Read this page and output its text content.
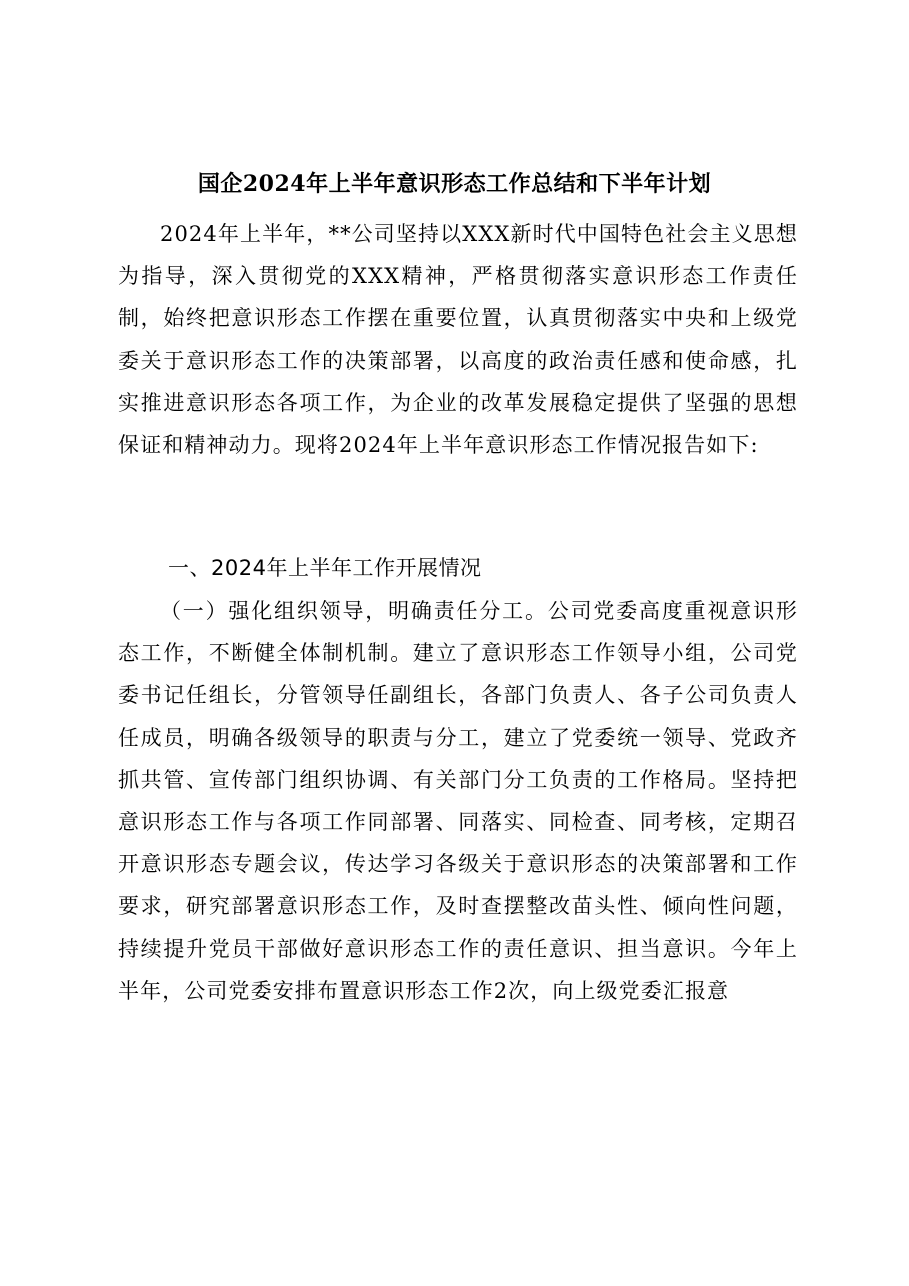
国企2024年上半年意识形态工作总结和下半年计划

2024年上半年，**公司坚持以XXX新时代中国特色社会主义思想为指导，深入贯彻党的XXX精神，严格贯彻落实意识形态工作责任制，始终把意识形态工作摆在重要位置，认真贯彻落实中央和上级党委关于意识形态工作的决策部署，以高度的政治责任感和使命感，扎实推进意识形态各项工作，为企业的改革发展稳定提供了坚强的思想保证和精神动力。现将2024年上半年意识形态工作情况报告如下:

一、2024年上半年工作开展情况

（一）强化组织领导，明确责任分工。公司党委高度重视意识形态工作，不断健全体制机制。建立了意识形态工作领导小组，公司党委书记任组长，分管领导任副组长，各部门负责人、各子公司负责人任成员，明确各级领导的职责与分工，建立了党委统一领导、党政齐抓共管、宣传部门组织协调、有关部门分工负责的工作格局。坚持把意识形态工作与各项工作同部署、同落实、同检查、同考核，定期召开意识形态专题会议，传达学习各级关于意识形态的决策部署和工作要求，研究部署意识形态工作，及时查摆整改苗头性、倾向性问题，持续提升党员干部做好意识形态工作的责任意识、担当意识。今年上半年，公司党委安排布置意识形态工作2次，向上级党委汇报意
